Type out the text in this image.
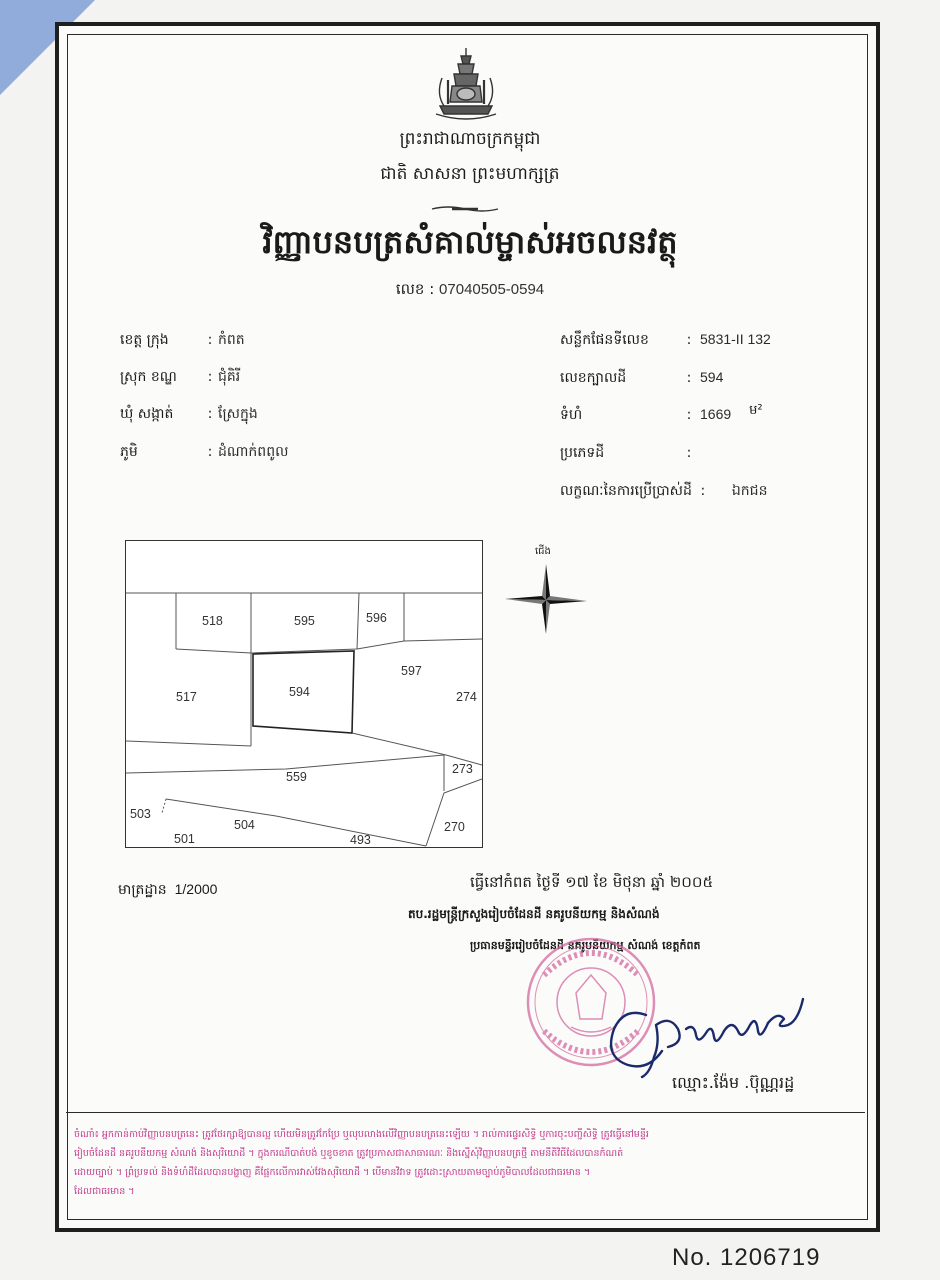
ព្រះរាជាណាចក្រកម្ពុជា
ជាតិ សាសនា ព្រះមហាក្សត្រ
វិញ្ញាបនបត្រសំគាល់ម្ចាស់អចលនវត្ថុ
លេខ : 07040505-0594
ខេត្ត ក្រុង	: កំពត
ស្រុក ខណ្ឌ	: ជុំគិរី
ឃុំ សង្កាត់	: ស្រែក្នុង
ភូមិ	: ដំណាក់ពពូល
សន្លឹកផែនទីលេខ	: 5831-II 132
លេខក្បាលដី	: 594
ទំហំ	: 1669 ម²
ប្រភេទដី	:
លក្ខណៈនៃការប្រើប្រាស់ដី :	ឯកជន
518	595	596
597
517	594	274
559
273
503
504	270
501	493
ជើង
មាត្រដ្ឋាន 1/2000	ធ្វើនៅកំពត ថ្ងៃទី ១៧ ខែ មិថុនា ឆ្នាំ ២០០៥
តប.រដ្ឋមន្ត្រីក្រសួងរៀបចំដែនដី នគរូបនីយកម្ម និងសំណង់
ប្រធានមន្ទីររៀបចំដែនដី នគរូបនីយកម្ម សំណង់ ខេត្តកំពត
ឈ្មោះ.ង៉ែម .ប៊ុណ្ណរដ្ឋ
ចំណាំ៖ អ្នកកាន់កាប់វិញ្ញាបនបត្រនេះ ត្រូវថែរក្សាឱ្យបានល្អ ហើយមិនត្រូវកែប្រែ ឬលុបលាងលើវិញ្ញាបនបត្រនេះឡើយ ។ រាល់ការផ្ទេរសិទ្ធិ ឬការចុះបញ្ជីសិទ្ធិ ត្រូវធ្វើនៅមន្ទីរ
រៀបចំដែនដី នគរូបនីយកម្ម សំណង់ និងសុរិយោដី ។ ក្នុងករណីបាត់បង់ ឬខូចខាត ត្រូវប្រកាសជាសាធារណៈ និងស្នើសុំវិញ្ញាបនបត្រថ្មី តាមនីតិវិធីដែលបានកំណត់
ដោយច្បាប់ ។ ព្រំប្រទល់ និងទំហំដីដែលបានបង្ហាញ គឺផ្អែកលើការវាស់វែងសុរិយោដី ។ បើមានវិវាទ ត្រូវដោះស្រាយតាមច្បាប់ភូមិបាលដែលជាធរមាន ។
ដែលជាធរមាន ។
No. 1206719
